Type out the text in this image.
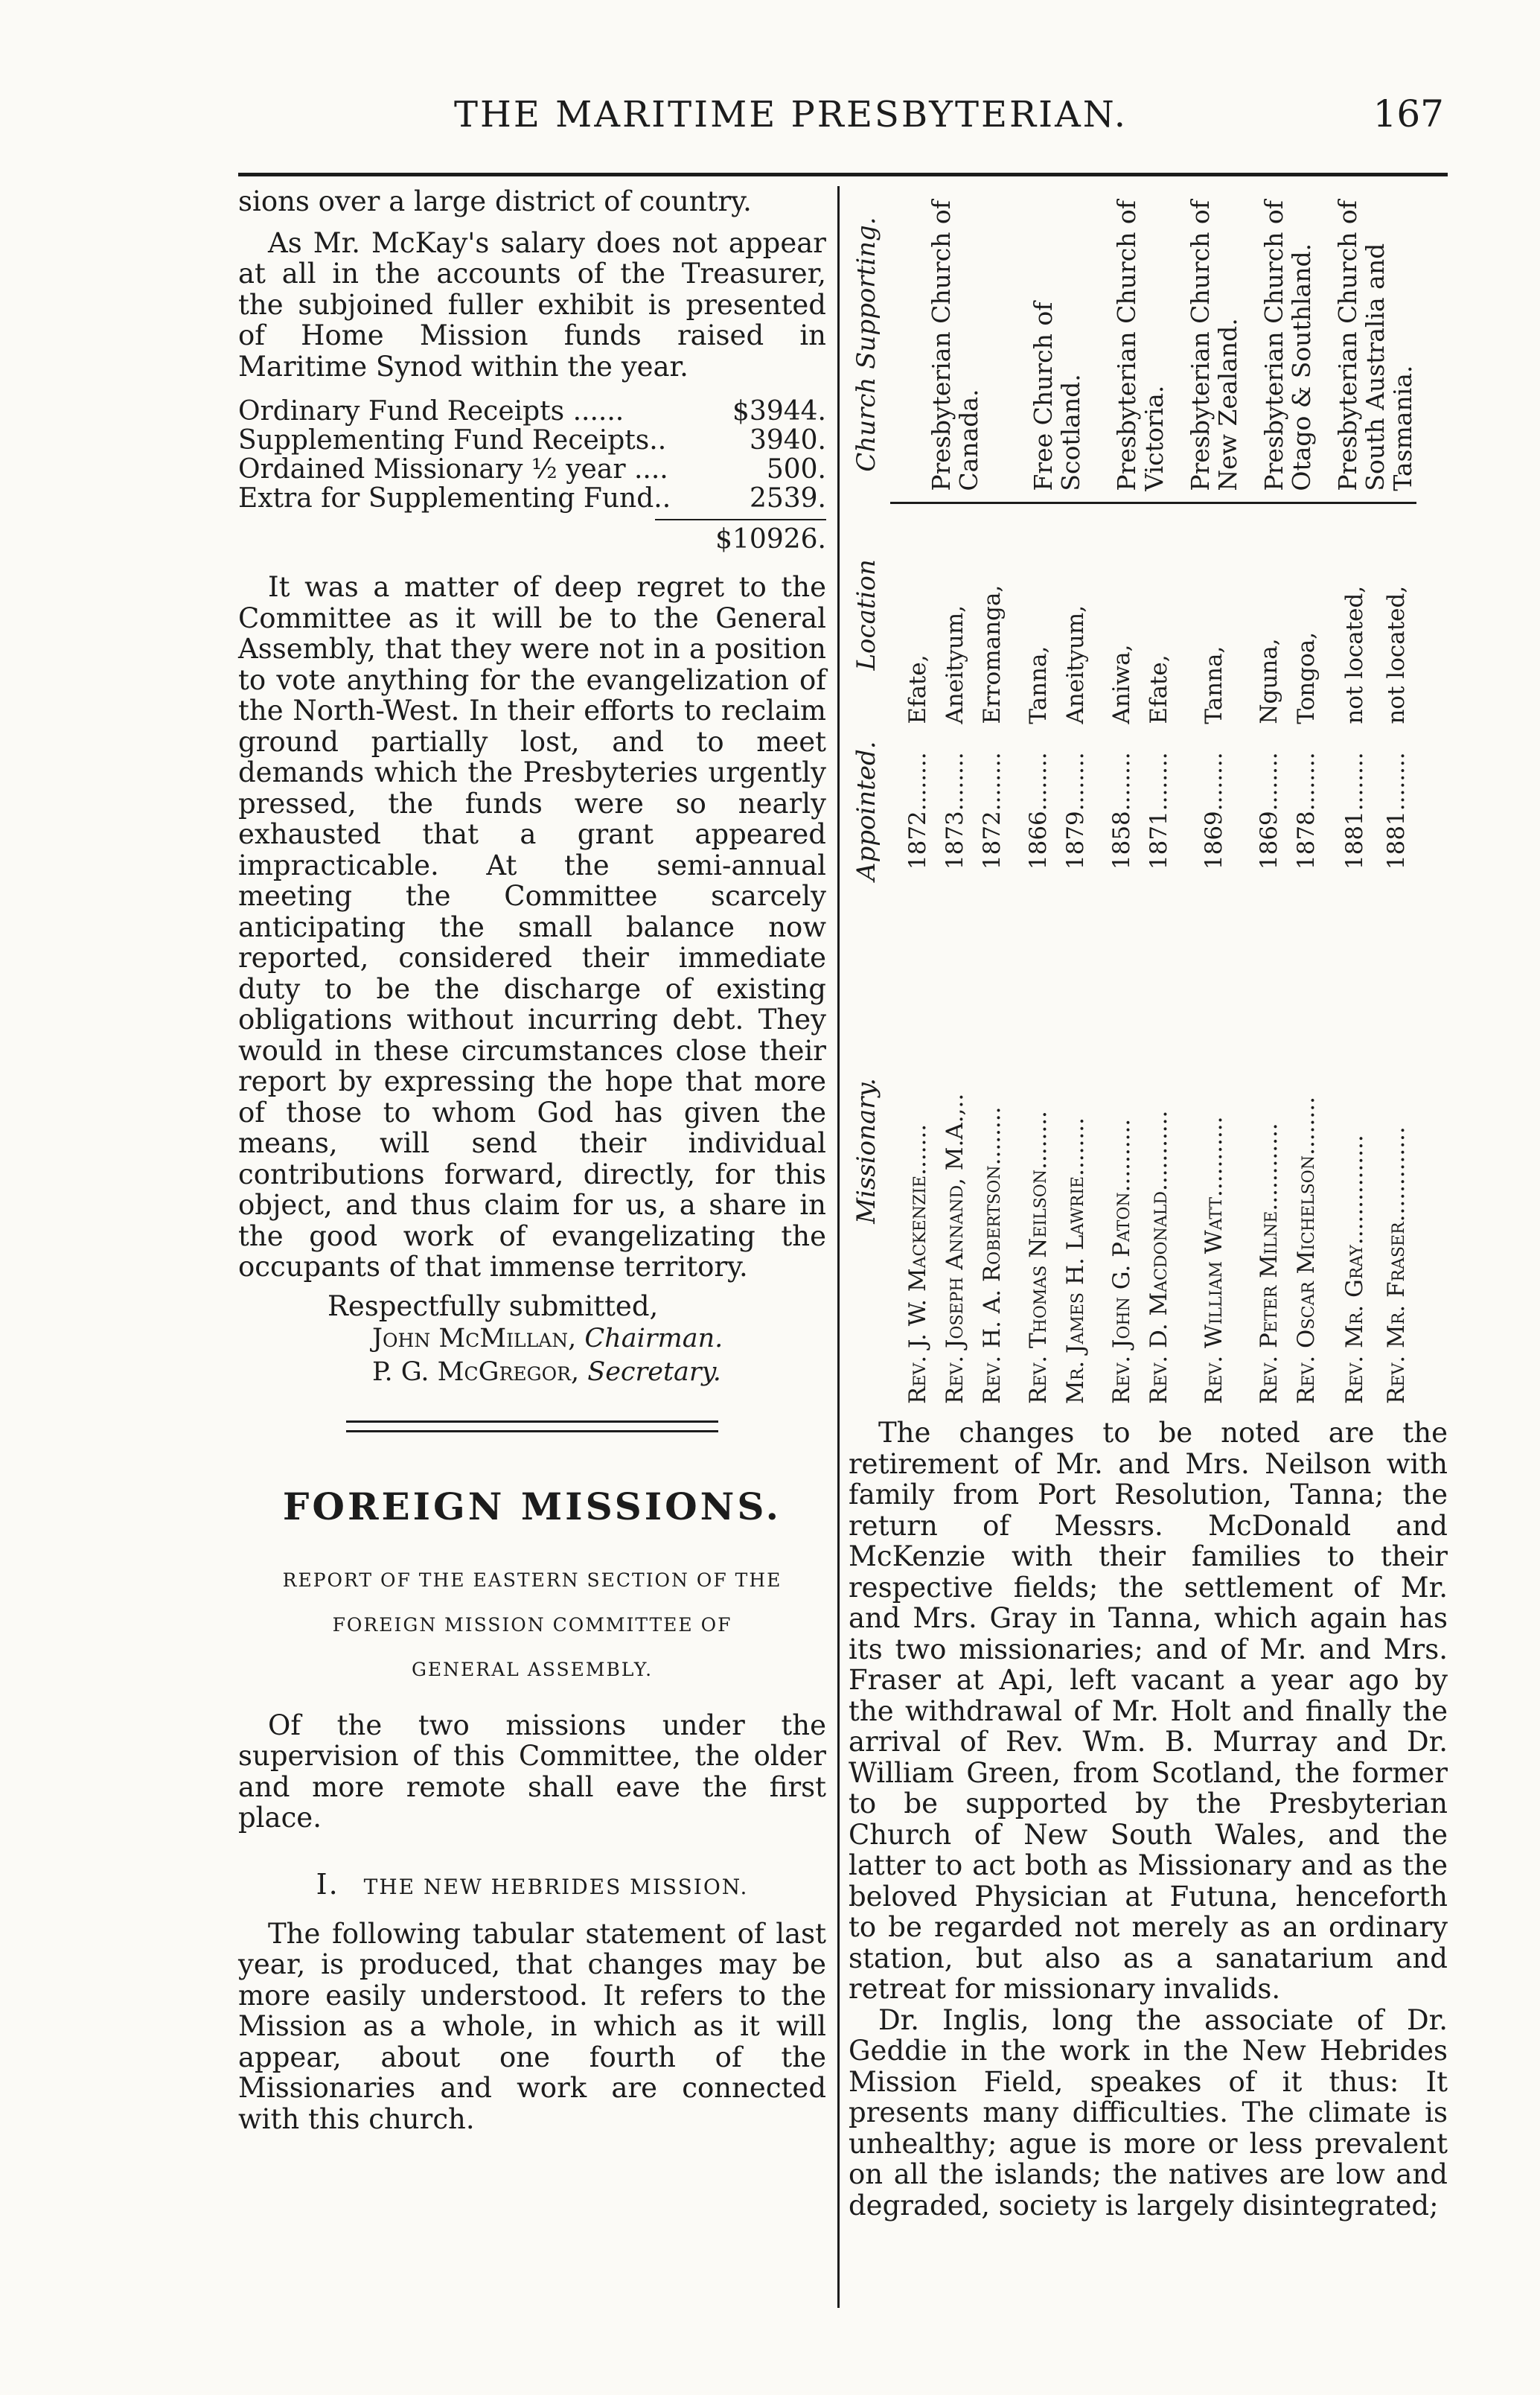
THE MARITIME PRESBYTERIAN.	167

sions over a large district of country.

As Mr. McKay's salary does not appear at all in the accounts of the Treasurer, the subjoined fuller exhibit is presented of Home Mission funds raised in Maritime Synod within the year.

Ordinary Fund Receipts ......	$3944.
Supplementing Fund Receipts..	3940.
Ordained Missionary ½ year ....	500.
Extra for Supplementing Fund..	2539.
$10926.

It was a matter of deep regret to the Committee as it will be to the General Assembly, that they were not in a position to vote anything for the evangelization of the North-West. In their efforts to reclaim ground partially lost, and to meet demands which the Presbyteries urgently pressed, the funds were so nearly exhausted that a grant appeared impracticable. At the semi-annual meeting the Committee scarcely anticipating the small balance now reported, considered their immediate duty to be the discharge of existing obligations without incurring debt. They would in these circumstances close their report by expressing the hope that more of those to whom God has given the means, will send their individual contributions forward, directly, for this object, and thus claim for us, a share in the good work of evangelizating the occupants of that immense territory.

Respectfully submitted,
John McMillan, Chairman.
P. G. McGregor, Secretary.
FOREIGN MISSIONS.
REPORT OF THE EASTERN SECTION OF THE
FOREIGN MISSION COMMITTEE OF
GENERAL ASSEMBLY.

Of the two missions under the supervision of this Committee, the older and more remote shall eave the first place.

I. THE NEW HEBRIDES MISSION.

The following tabular statement of last year, is produced, that changes may be more easily understood. It refers to the Mission as a whole, in which as it will appear, about one fourth of the Missionaries and work are connected with this church.

Missionary.	Appointed.	Location	Church Supporting.
Rev. J. W. Mackenzie.......	1872........	Efate,	Presbyterian Church of Canada.
Rev. Joseph Annand, M.A.,..	1873........	Aneityum,	
Rev. H. A. Robertson........	1872........	Erromanga,	
Rev. Thomas Neilson........	1866........	Tanna,	Free Church of Scotland.
Mr. James H. Lawrie........	1879........	Aneityum,	
Rev. John G. Paton..........	1858........	Aniwa,	Presbyterian Church of Victoria.
Rev. D. Macdonald...........	1871........	Efate,	
Rev. William Watt...........	1869........	Tanna,	Presbyterian Church of New Zealand.
Rev. Peter Milne............	1869........	Nguna,	Presbyterian Church of Otago & Southland.
Rev. Oscar Michelson........	1878........	Tongoa,	
Rev. Mr. Gray...............	1881........	not located,	Presbyterian Church of South Australia and Tasmania.
Rev. Mr. Fraser.............	1881........	not located,	

The changes to be noted are the retirement of Mr. and Mrs. Neilson with family from Port Resolution, Tanna; the return of Messrs. McDonald and McKenzie with their families to their respective fields; the settlement of Mr. and Mrs. Gray in Tanna, which again has its two missionaries; and of Mr. and Mrs. Fraser at Api, left vacant a year ago by the withdrawal of Mr. Holt and finally the arrival of Rev. Wm. B. Murray and Dr. William Green, from Scotland, the former to be supported by the Presbyterian Church of New South Wales, and the latter to act both as Missionary and as the beloved Physician at Futuna, henceforth to be regarded not merely as an ordinary station, but also as a sanatarium and retreat for missionary invalids.

Dr. Inglis, long the associate of Dr. Geddie in the work in the New Hebrides Mission Field, speakes of it thus: It presents many difficulties. The climate is unhealthy; ague is more or less prevalent on all the islands; the natives are low and degraded, society is largely disintegrated;
